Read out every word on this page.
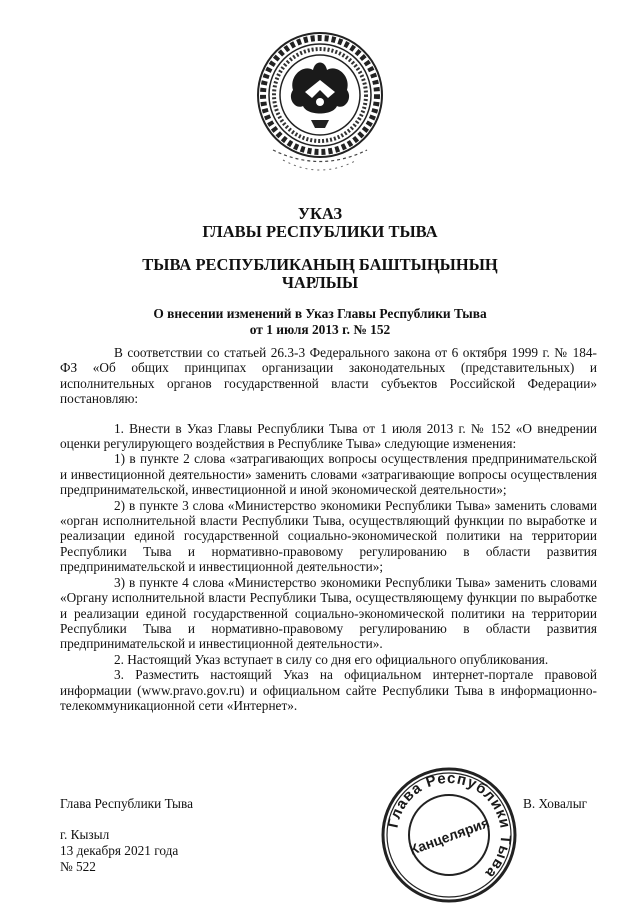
УКАЗ
ГЛАВЫ РЕСПУБЛИКИ ТЫВА
ТЫВА РЕСПУБЛИКАНЫҢ БАШТЫҢЫНЫҢ
ЧАРЛЫЫ
О внесении изменений в Указ Главы Республики Тыва
от 1 июля 2013 г. № 152

В соответствии со статьей 26.3-3 Федерального закона от 6 октября 1999 г. № 184-ФЗ «Об общих принципах организации законодательных (представительных) и исполнительных органов государственной власти субъектов Российской Федерации» постановляю:

1. Внести в Указ Главы Республики Тыва от 1 июля 2013 г. № 152 «О внедрении оценки регулирующего воздействия в Республике Тыва» следующие изменения:

1) в пункте 2 слова «затрагивающих вопросы осуществления предпринимательской и инвестиционной деятельности» заменить словами «затрагивающие вопросы осуществления предпринимательской, инвестиционной и иной экономической деятельности»;

2) в пункте 3 слова «Министерство экономики Республики Тыва» заменить словами «орган исполнительной власти Республики Тыва, осуществляющий функции по выработке и реализации единой государственной социально-экономической политики на территории Республики Тыва и нормативно-правовому регулированию в области развития предпринимательской и инвестиционной деятельности»;

3) в пункте 4 слова «Министерство экономики Республики Тыва» заменить словами «Органу исполнительной власти Республики Тыва, осуществляющему функции по выработке и реализации единой государственной социально-экономической политики на территории Республики Тыва и нормативно-правовому регулированию в области развития предпринимательской и инвестиционной деятельности».

2. Настоящий Указ вступает в силу со дня его официального опубликования.

3. Разместить настоящий Указ на официальном интернет-портале правовой информации (www.pravo.gov.ru) и официальном сайте Республики Тыва в информационно-телекоммуникационной сети «Интернет».

Глава Республики Тыва	В. Ховалыг
г. Кызыл
13 декабря 2021 года
№ 522
Глава Республики Тыва
Канцелярия
